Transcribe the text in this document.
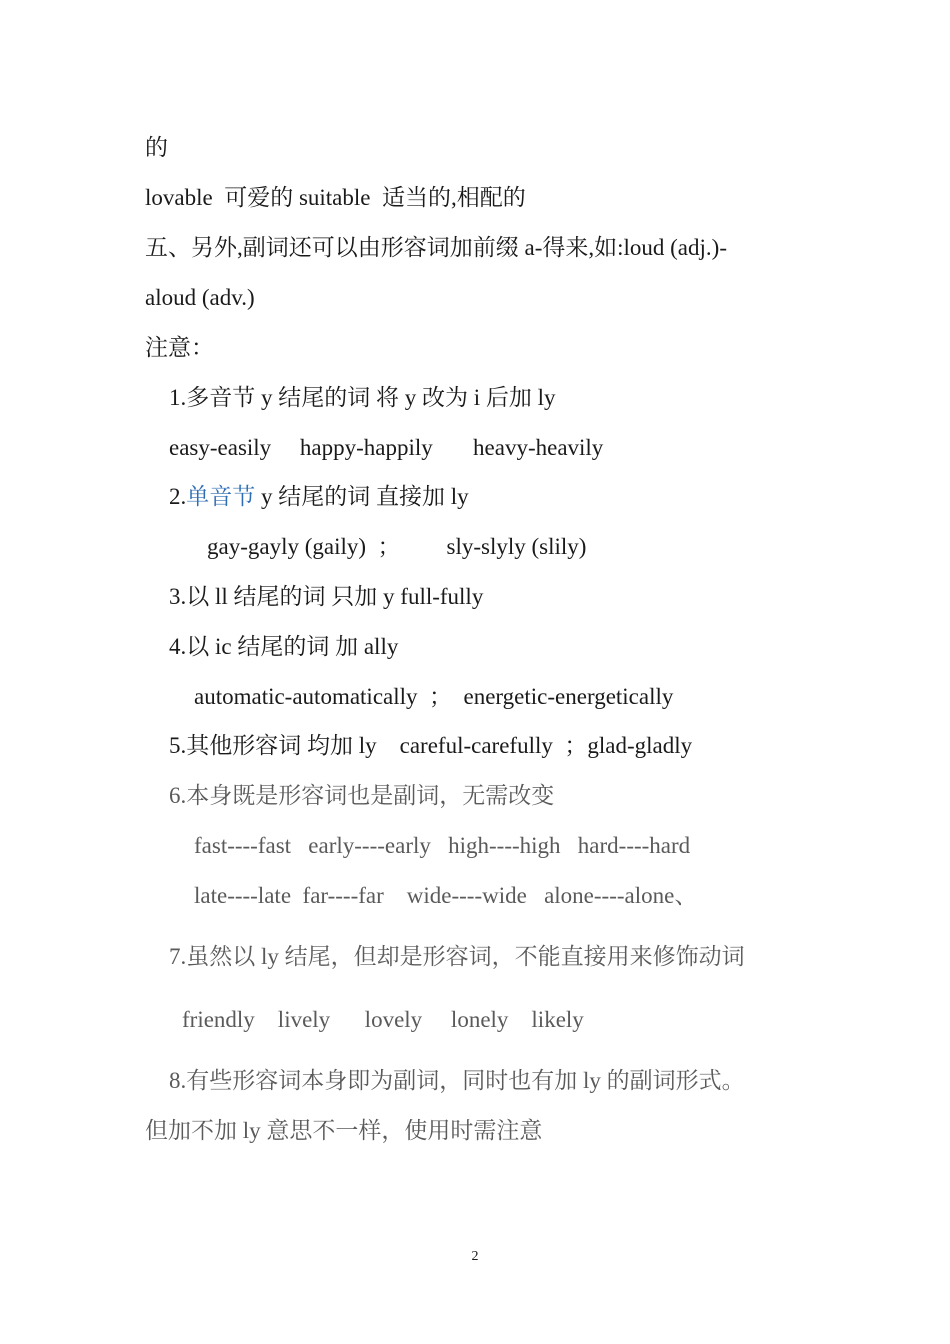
的

lovable  可爱的 suitable  适当的,相配的

五、另外,副词还可以由形容词加前缀 a-得来,如:loud (adj.)-

aloud (adv.)

注意：

1.多音节 y 结尾的词 将 y 改为 i 后加 ly

easy-easily     happy-happily       heavy-heavily

2.单音节 y 结尾的词 直接加 ly

gay-gayly (gaily)  ；        sly-slyly (slily)

3.以 ll 结尾的词 只加 y full-fully

4.以 ic 结尾的词 加 ally

automatic-automatically  ；  energetic-energetically

5.其他形容词 均加 ly    careful-carefully  ；glad-gladly

6.本身既是形容词也是副词，无需改变

fast----fast   early----early   high----high   hard----hard

late----late  far----far    wide----wide   alone----alone、

7.虽然以 ly 结尾，但却是形容词，不能直接用来修饰动词

friendly    lively      lovely     lonely    likely

8.有些形容词本身即为副词，同时也有加 ly 的副词形式。

但加不加 ly 意思不一样，使用时需注意

2
